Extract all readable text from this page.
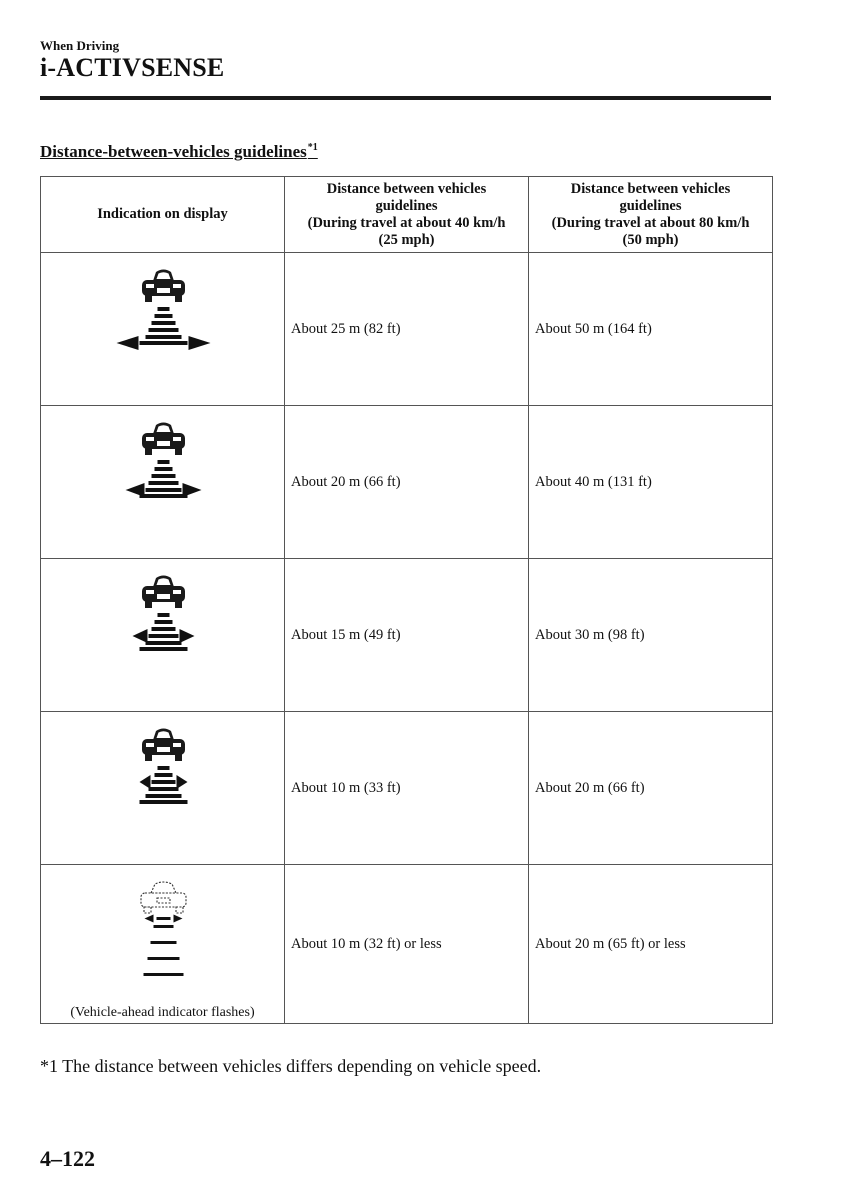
When Driving
i-ACTIVSENSE
Distance-between-vehicles guidelines$^{*1}$
Indication on display	Distance between vehicles
guidelines
(During travel at about 40 km/h
(25 mph)	Distance between vehicles
guidelines
(During travel at about 80 km/h
(50 mph)

	About 25 m (82 ft)	About 50 m (164 ft)

	About 20 m (66 ft)	About 40 m (131 ft)

	About 15 m (49 ft)	About 30 m (98 ft)

	About 10 m (33 ft)	About 20 m (66 ft)

(Vehicle-ahead indicator flashes)	About 10 m (32 ft) or less	About 20 m (65 ft) or less
*1 The distance between vehicles differs depending on vehicle speed.
4–122
